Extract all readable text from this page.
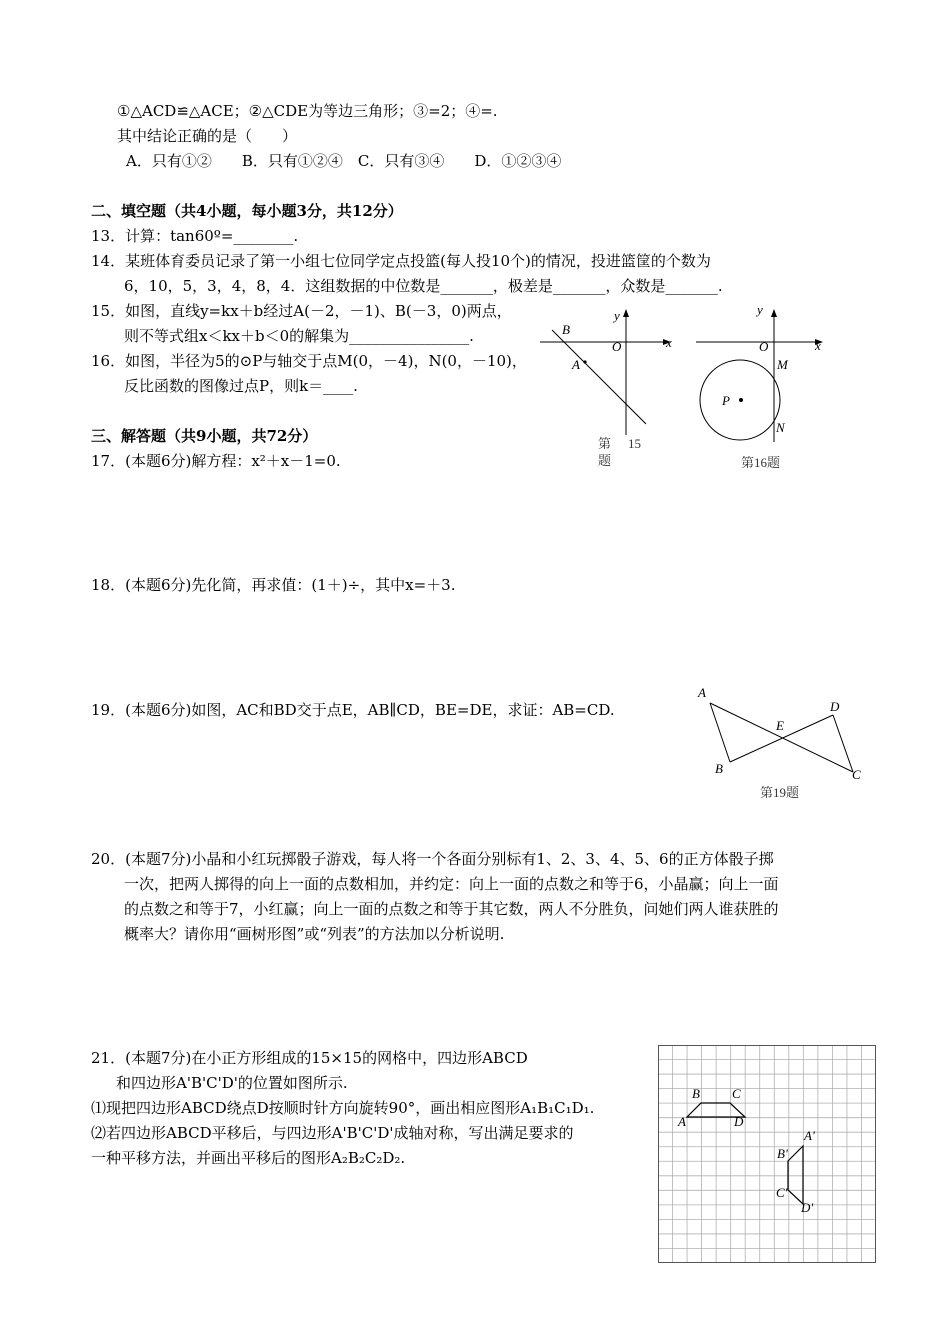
①△ACD≌△ACE；②△CDE为等边三角形；③=2；④=.
其中结论正确的是（　　）
A．只有①②　　B．只有①②④　C．只有③④　　D．①②③④
二、填空题（共4小题，每小题3分，共12分）
13．计算：tan60º=________.
14．某班体育委员记录了第一小组七位同学定点投篮(每人投10个)的情况，投进篮筐的个数为
6，10，5，3，4，8，4．这组数据的中位数是_______，极差是_______，众数是_______.
15．如图，直线y=kx＋b经过A(－2，－1)、B(－3，0)两点，
则不等式组x＜kx＋b＜0的解集为________________.
16．如图，半径为5的⊙P与轴交于点M(0，－4)，N(0，－10)，
反比函数的图像过点P，则k＝____.
三、解答题（共9小题，共72分）
17．(本题6分)解方程：x²＋x－1=0.
18．(本题6分)先化简，再求值：(1＋)÷，其中x=＋3.
19．(本题6分)如图，AC和BD交于点E，AB∥CD，BE=DE，求证：AB=CD.
20．(本题7分)小晶和小红玩掷骰子游戏，每人将一个各面分别标有1、2、3、4、5、6的正方体骰子掷
一次，把两人掷得的向上一面的点数相加，并约定：向上一面的点数之和等于6，小晶赢；向上一面
的点数之和等于7，小红赢；向上一面的点数之和等于其它数，两人不分胜负，问她们两人谁获胜的
概率大？请你用“画树形图”或“列表”的方法加以分析说明.
21．(本题7分)在小正方形组成的15×15的网格中，四边形ABCD
和四边形A'B'C'D'的位置如图所示.
⑴现把四边形ABCD绕点D按顺时针方向旋转90°，画出相应图形A₁B₁C₁D₁.
⑵若四边形ABCD平移后，与四边形A'B'C'D'成轴对称，写出满足要求的
一种平移方法，并画出平移后的图形A₂B₂C₂D₂.
y
x
O
B
A
第 15
题
y
x
O
M
N
P
第16题
A
B	C
D
E
第19题
A
B C
D
A'
B'
C'
D'
